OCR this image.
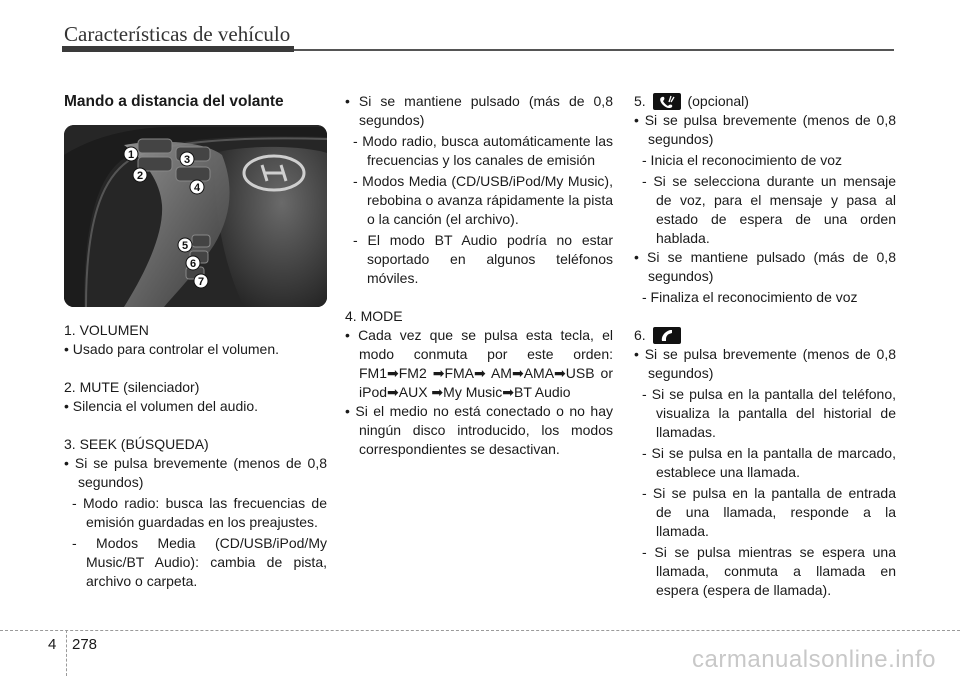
Características de vehículo

Mando a distancia del volante

1
2
3
4
5
6
7

1. VOLUMEN

• Usado para controlar el volumen.

2. MUTE (silenciador)

• Silencia el volumen del audio.

3. SEEK (BÚSQUEDA)

• Si se pulsa brevemente (menos de 0,8 segundos)

- Modo radio: busca las frecuencias de emisión guardadas en los preajustes.

- Modos Media (CD/USB/iPod/My Music/BT Audio): cambia de pista, archivo o carpeta.

• Si se mantiene pulsado (más de 0,8 segundos)

- Modo radio, busca automáticamente las frecuencias y los canales de emisión

- Modos Media (CD/USB/iPod/My Music), rebobina o avanza rápidamente la pista o la canción (el archivo).

- El modo BT Audio podría no estar soportado en algunos teléfonos móviles.

4. MODE

• Cada vez que se pulsa esta tecla, el modo conmuta por este orden: FM1➡FM2 ➡FMA➡ AM➡AMA➡USB or iPod➡AUX ➡My Music➡BT Audio

• Si el medio no está conectado o no hay ningún disco introducido, los modos correspondientes se desactivan.

5.	(opcional)

• Si se pulsa brevemente (menos de 0,8 segundos)

- Inicia el reconocimiento de voz

- Si se selecciona durante un mensaje de voz, para el mensaje y pasa al estado de espera de una orden hablada.

• Si se mantiene pulsado (más de 0,8 segundos)

- Finaliza el reconocimiento de voz

6.

• Si se pulsa brevemente (menos de 0,8 segundos)

- Si se pulsa en la pantalla del teléfono, visualiza la pantalla del historial de llamadas.

- Si se pulsa en la pantalla de marcado, establece una llamada.

- Si se pulsa en la pantalla de entrada de una llamada, responde a la llamada.

- Si se pulsa mientras se espera una llamada, conmuta a llamada en espera (espera de llamada).

4 278
carmanualsonline.info
